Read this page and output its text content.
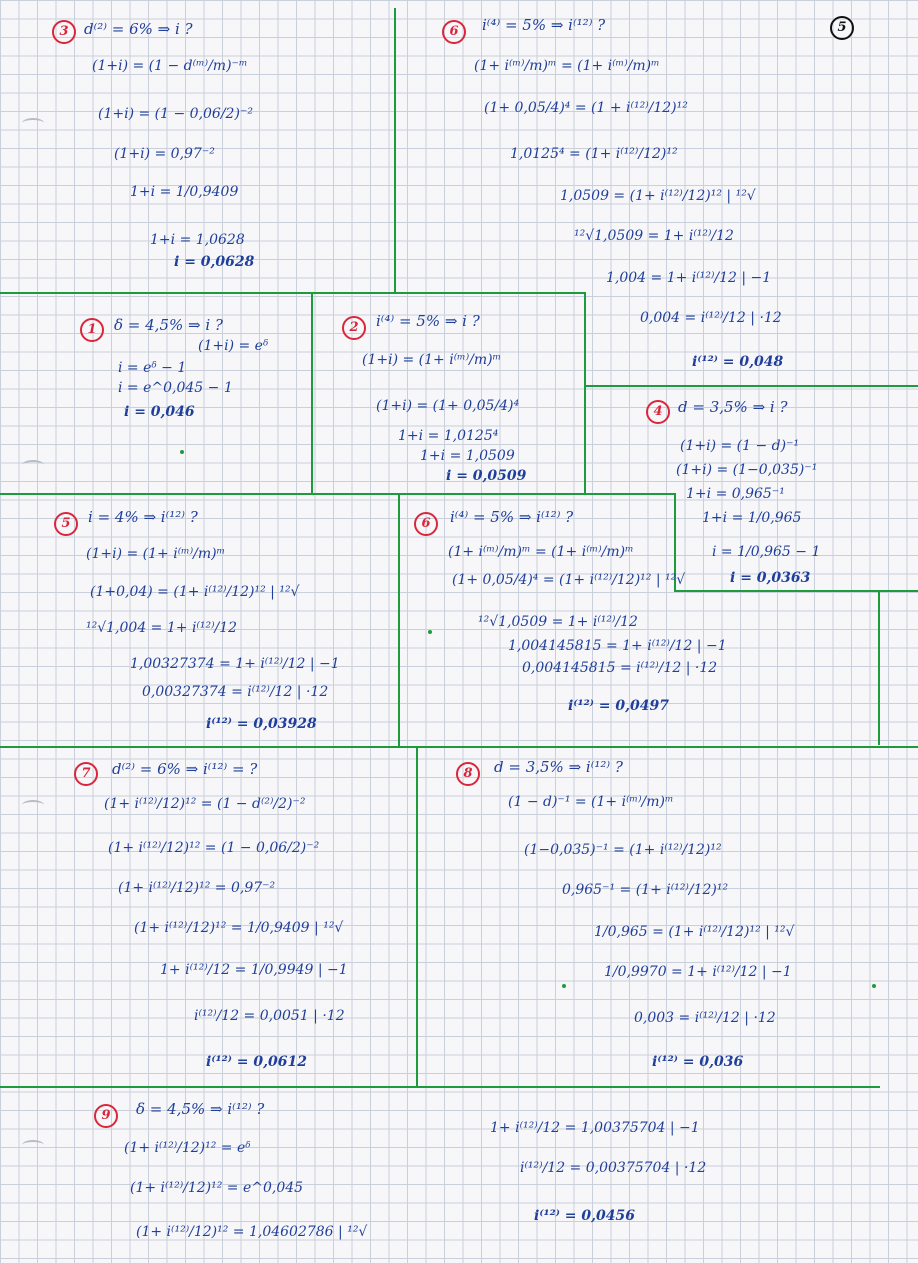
5
3	d⁽²⁾ = 6% ⇒ i ?
(1+i) = (1 − d⁽ᵐ⁾/m)⁻ᵐ
(1+i) = (1 − 0,06/2)⁻²
(1+i) = 0,97⁻²
1+i = 1/0,9409
1+i = 1,0628
i = 0,0628
6	i⁽⁴⁾ = 5% ⇒ i⁽¹²⁾ ?
(1+ i⁽ᵐ⁾/m)ᵐ = (1+ i⁽ᵐ⁾/m)ᵐ
(1+ 0,05/4)⁴ = (1 + i⁽¹²⁾/12)¹²
1,0125⁴ = (1+ i⁽¹²⁾/12)¹²
1,0509 = (1+ i⁽¹²⁾/12)¹² | ¹²√
¹²√1,0509 = 1+ i⁽¹²⁾/12
1,004 = 1+ i⁽¹²⁾/12 | −1
0,004 = i⁽¹²⁾/12 | ·12
i⁽¹²⁾ = 0,048
1	δ = 4,5% ⇒ i ?
(1+i) = eᵟ
i = eᵟ − 1
i = e^0,045 − 1
i = 0,046
2	i⁽⁴⁾ = 5% ⇒ i ?
(1+i) = (1+ i⁽ᵐ⁾/m)ᵐ
(1+i) = (1+ 0,05/4)⁴
1+i = 1,0125⁴
1+i = 1,0509
i = 0,0509
4	d = 3,5% ⇒ i ?
(1+i) = (1 − d)⁻¹
(1+i) = (1−0,035)⁻¹
1+i = 0,965⁻¹
1+i = 1/0,965
i = 1/0,965 − 1
i = 0,0363
5	i = 4% ⇒ i⁽¹²⁾ ?
(1+i) = (1+ i⁽ᵐ⁾/m)ᵐ
(1+0,04) = (1+ i⁽¹²⁾/12)¹² | ¹²√
¹²√1,004 = 1+ i⁽¹²⁾/12
1,00327374 = 1+ i⁽¹²⁾/12 | −1
0,00327374 = i⁽¹²⁾/12 | ·12
i⁽¹²⁾ = 0,03928
6	i⁽⁴⁾ = 5% ⇒ i⁽¹²⁾ ?
(1+ i⁽ᵐ⁾/m)ᵐ = (1+ i⁽ᵐ⁾/m)ᵐ
(1+ 0,05/4)⁴ = (1+ i⁽¹²⁾/12)¹² | ¹²√
¹²√1,0509 = 1+ i⁽¹²⁾/12
1,004145815 = 1+ i⁽¹²⁾/12 | −1
0,004145815 = i⁽¹²⁾/12 | ·12
i⁽¹²⁾ = 0,0497
7	d⁽²⁾ = 6% ⇒ i⁽¹²⁾ = ?
(1+ i⁽¹²⁾/12)¹² = (1 − d⁽²⁾/2)⁻²
(1+ i⁽¹²⁾/12)¹² = (1 − 0,06/2)⁻²
(1+ i⁽¹²⁾/12)¹² = 0,97⁻²
(1+ i⁽¹²⁾/12)¹² = 1/0,9409 | ¹²√
1+ i⁽¹²⁾/12 = 1/0,9949 | −1
i⁽¹²⁾/12 = 0,0051 | ·12
i⁽¹²⁾ = 0,0612
8	d = 3,5% ⇒ i⁽¹²⁾ ?
(1 − d)⁻¹ = (1+ i⁽ᵐ⁾/m)ᵐ
(1−0,035)⁻¹ = (1+ i⁽¹²⁾/12)¹²
0,965⁻¹ = (1+ i⁽¹²⁾/12)¹²
1/0,965 = (1+ i⁽¹²⁾/12)¹² | ¹²√
1/0,9970 = 1+ i⁽¹²⁾/12 | −1
0,003 = i⁽¹²⁾/12 | ·12
i⁽¹²⁾ = 0,036
9	δ = 4,5% ⇒ i⁽¹²⁾ ?
(1+ i⁽¹²⁾/12)¹² = eᵟ
(1+ i⁽¹²⁾/12)¹² = e^0,045
(1+ i⁽¹²⁾/12)¹² = 1,04602786 | ¹²√
1+ i⁽¹²⁾/12 = 1,00375704 | −1
i⁽¹²⁾/12 = 0,00375704 | ·12
i⁽¹²⁾ = 0,0456
